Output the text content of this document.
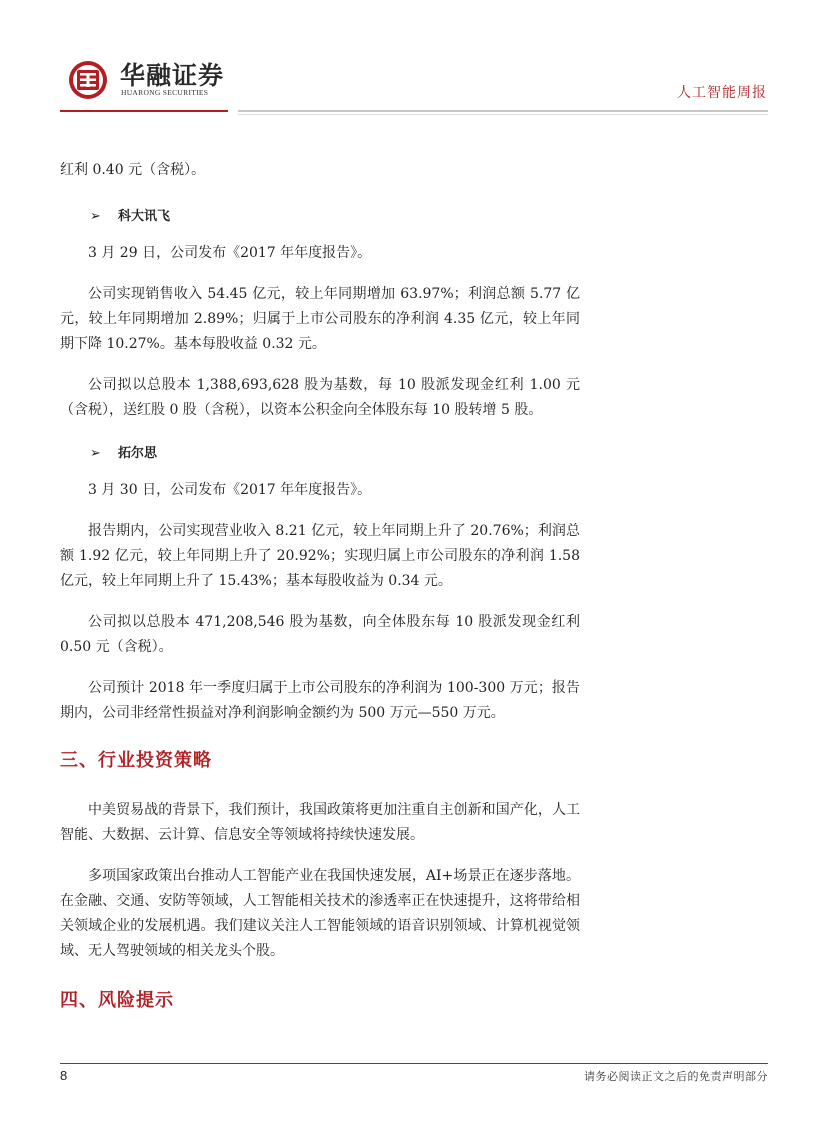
华融证券
HUARONG SECURITIES	人工智能周报

红利 0.40 元（含税）。

➢	科大讯飞

3 月 29 日，公司发布《2017 年年度报告》。

公司实现销售收入 54.45 亿元，较上年同期增加 63.97%；利润总额 5.77 亿元，较上年同期增加 2.89%；归属于上市公司股东的净利润 4.35 亿元，较上年同期下降 10.27%。基本每股收益 0.32 元。

公司拟以总股本 1,388,693,628 股为基数，每 10 股派发现金红利 1.00 元（含税），送红股 0 股（含税），以资本公积金向全体股东每 10 股转增 5 股。

➢	拓尔思

3 月 30 日，公司发布《2017 年年度报告》。

报告期内，公司实现营业收入 8.21 亿元，较上年同期上升了 20.76%；利润总额 1.92 亿元，较上年同期上升了 20.92%；实现归属上市公司股东的净利润 1.58 亿元，较上年同期上升了 15.43%；基本每股收益为 0.34 元。

公司拟以总股本 471,208,546 股为基数，向全体股东每 10 股派发现金红利 0.50 元（含税）。

公司预计 2018 年一季度归属于上市公司股东的净利润为 100-300 万元；报告期内，公司非经常性损益对净利润影响金额约为 500 万元—550 万元。

三、行业投资策略

中美贸易战的背景下，我们预计，我国政策将更加注重自主创新和国产化，人工智能、大数据、云计算、信息安全等领域将持续快速发展。

多项国家政策出台推动人工智能产业在我国快速发展，AI+场景正在逐步落地。在金融、交通、安防等领域，人工智能相关技术的渗透率正在快速提升，这将带给相关领域企业的发展机遇。我们建议关注人工智能领域的语音识别领域、计算机视觉领域、无人驾驶领域的相关龙头个股。

四、风险提示
8	请务必阅读正文之后的免责声明部分
